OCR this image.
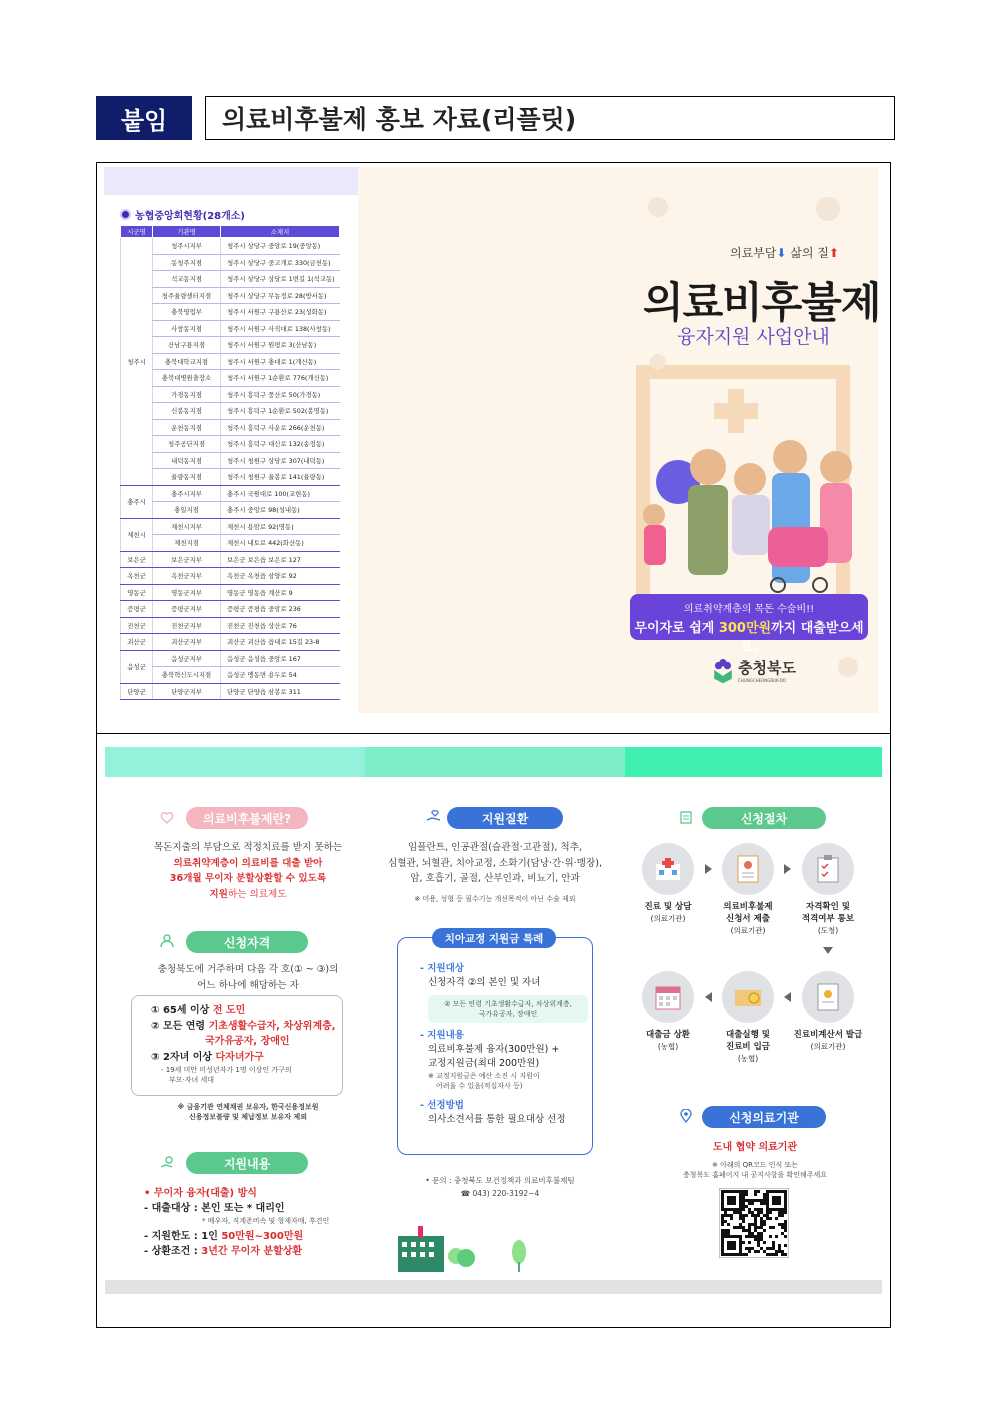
붙임	의료비후불제 홍보 자료(리플릿)
농협중앙회현황(28개소)
시군명	기관명	소재지
청주시	청주시지부	청주시 상당구 중앙로 19(중앙동)
	동청주지점	청주시 상당구 중고개로 330(금천동)
	석교동지점	청주시 상당구 상당로 1번길 1(석교동)
	청주율량센터지점	청주시 상당구 무농정로 28(방서동)
	충북영업부	청주시 서원구 구룡산로 23(성화동)
	사창동지점	청주시 서원구 사직대로 138(사창동)
	산남구룡지점	청주시 서원구 원평로 3(산남동)
	충북대학교지점	청주시 서원구 충대로 1(개신동)
	충북대병원출장소	청주시 서원구 1순환로 776(개신동)
	가경동지점	청주시 흥덕구 풍산로 50(가경동)
	신봉동지점	청주시 흥덕구 1순환로 502(봉명동)
	운천동지점	청주시 흥덕구 사운로 266(운천동)
	청주공단지점	청주시 흥덕구 대신로 132(송정동)
	내덕동지점	청주시 청원구 상당로 307(내덕동)
	율량동지점	청주시 청원구 율봉로 141(율량동)
충주시	충주시지부	충주시 국원대로 100(교현동)
	충일지점	충주시 중앙로 98(성내동)
제천시	제천시지부	제천시 용암로 92(명동)
	제천지점	제천시 내토로 442(화산동)
보은군	보은군지부	보은군 보은읍 보은로 127
옥천군	옥천군지부	옥천군 옥천읍 삼양로 92
영동군	영동군지부	영동군 영동읍 계산로 9
증평군	증평군지부	증평군 증평읍 중앙로 236
진천군	진천군지부	진천군 진천읍 상산로 76
괴산군	괴산군지부	괴산군 괴산읍 읍내로 15길 23-8
음성군	음성군지부	음성군 음성읍 중앙로 167
	충북혁신도시지점	음성군 맹동면 용두로 54
단양군	단양군지부	단양군 단양읍 삼봉로 311
의료부담⬇ 삶의 질⬆
의료비후불제
융자지원 사업안내
의료취약계층의 목돈 수술비!!
무이자로 쉽게 300만원까지 대출받으세요.
충청북도
CHUNGCHEONGBUK-DO
의료비후불제란?
목돈지출의 부담으로 적정치료를 받지 못하는
의료취약계층이 의료비를 대출 받아
36개월 무이자 분할상환할 수 있도록
지원하는 의료제도
신청자격
충청북도에 거주하며 다음 각 호(① ~ ③)의
어느 하나에 해당하는 자
① 65세 이상 전 도민
② 모든 연령 기초생활수급자, 차상위계층,
국가유공자, 장애인
③ 2자녀 이상 다자녀가구
- 19세 미만 미성년자가 1명 이상인 가구의
부모·자녀 세대
※ 금융기관 연체채권 보유자, 한국신용정보원
신용정보불량 및 체납정보 보유자 제외
지원내용
• 무이자 융자(대출) 방식
- 대출대상 : 본인 또는 * 대리인
* 배우자, 직계존비속 및 형제자매, 후견인
- 지원한도 : 1인 50만원~300만원
- 상환조건 : 3년간 무이자 분할상환
지원질환
임플란트, 인공관절(슬관절·고관절), 척추,
심혈관, 뇌혈관, 치아교정, 소화기(담낭·간·위·맹장),
암, 호흡기, 골절, 산부인과, 비뇨기, 안과
※ 미용, 성형 등 필수기능 개선목적이 아닌 수술 제외
치아교정 지원금 특례
- 지원대상
신청자격 ②의 본인 및 자녀
② 모든 연령 기초생활수급자, 차상위계층,
국가유공자, 장애인
- 지원내용
의료비후불제 융자(300만원) +
교정지원금(최대 200만원)
※ 교정지원금은 예산 소진 시 지원이
어려울 수 있음(적십자사 등)
- 선정방법
의사소견서를 통한 필요대상 선정
• 문의 : 충청북도 보건정책과 의료비후불제팀
☎ 043) 220-3192~4
신청절차
진료 및 상담
(의료기관)
의료비후불제
신청서 제출
(의료기관)
자격확인 및
적격여부 통보
(도청)
대출금 상환
(농협)
대출실행 및
진료비 입금
(농협)
진료비계산서 발급
(의료기관)
신청의료기관
도내 협약 의료기관
※ 아래의 QR코드 인식 또는
충청북도 홈페이지 내 공지사항을 확인해주세요
